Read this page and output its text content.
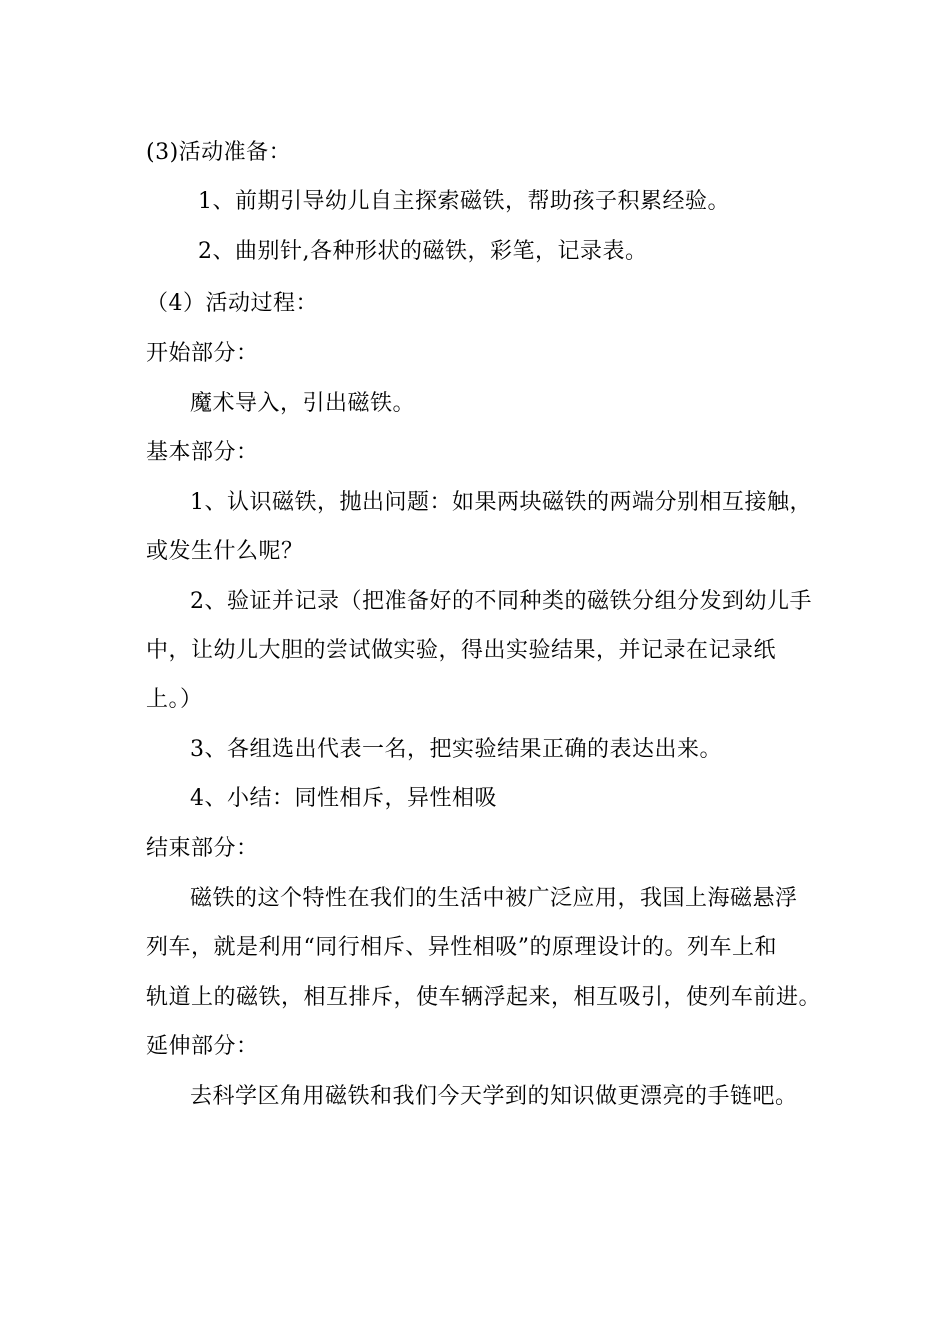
(3)活动准备：
1、前期引导幼儿自主探索磁铁，帮助孩子积累经验。
2、曲别针,各种形状的磁铁，彩笔，记录表。
（4）活动过程：
开始部分：
魔术导入，引出磁铁。
基本部分：
1、认识磁铁，抛出问题：如果两块磁铁的两端分别相互接触，
或发生什么呢？
2、验证并记录（把准备好的不同种类的磁铁分组分发到幼儿手
中，让幼儿大胆的尝试做实验，得出实验结果，并记录在记录纸
上。）
3、各组选出代表一名，把实验结果正确的表达出来。
4、小结：同性相斥，异性相吸
结束部分：
磁铁的这个特性在我们的生活中被广泛应用，我国上海磁悬浮
列车，就是利用“同行相斥、异性相吸”的原理设计的。列车上和
轨道上的磁铁，相互排斥，使车辆浮起来，相互吸引，使列车前进。
延伸部分：
去科学区角用磁铁和我们今天学到的知识做更漂亮的手链吧。
